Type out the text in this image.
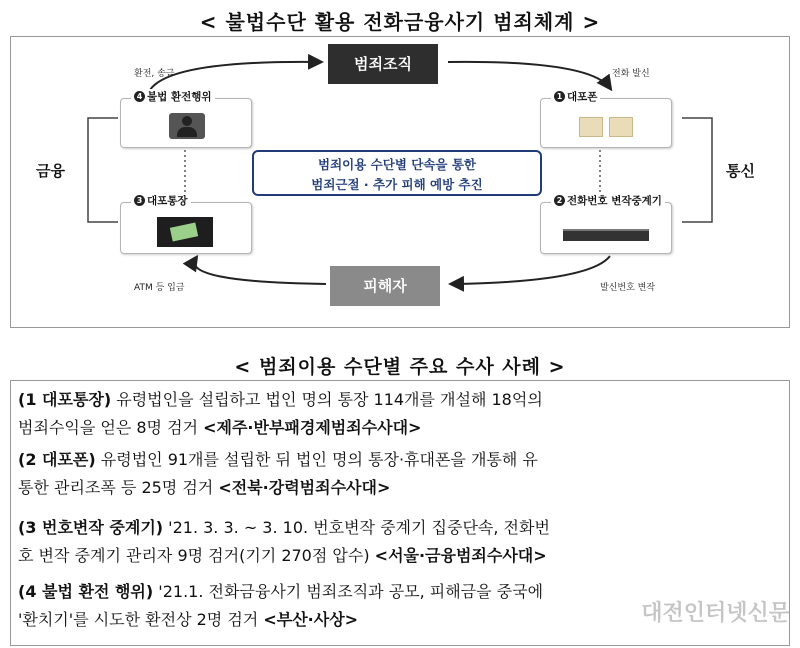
< 불법수단 활용 전화금융사기 범죄체계 >
범죄조직
피해자
환전, 송금	전화 발신
ATM 등 입금	발신번호 변작
금융	통신
4 불법 환전행위	1 대포폰
3 대포통장	2 전화번호 변작중계기
범죄이용 수단별 단속을 통한
범죄근절 · 추가 피해 예방 추진
< 범죄이용 수단별 주요 수사 사례 >
(1 대포통장) 유령법인을 설립하고 법인 명의 통장 114개를 개설해 18억의
범죄수익을 얻은 8명 검거 <제주·반부패경제범죄수사대>
(2 대포폰) 유령법인 91개를 설립한 뒤 법인 명의 통장·휴대폰을 개통해 유
통한 관리조폭 등 25명 검거 <전북·강력범죄수사대>
(3 번호변작 중계기) '21. 3. 3. ~ 3. 10. 번호변작 중계기 집중단속, 전화번
호 변작 중계기 관리자 9명 검거(기기 270점 압수) <서울·금융범죄수사대>
(4 불법 환전 행위) '21.1. 전화금융사기 범죄조직과 공모, 피해금을 중국에
'환치기'를 시도한 환전상 2명 검거 <부산·사상>	대전인터넷신문
